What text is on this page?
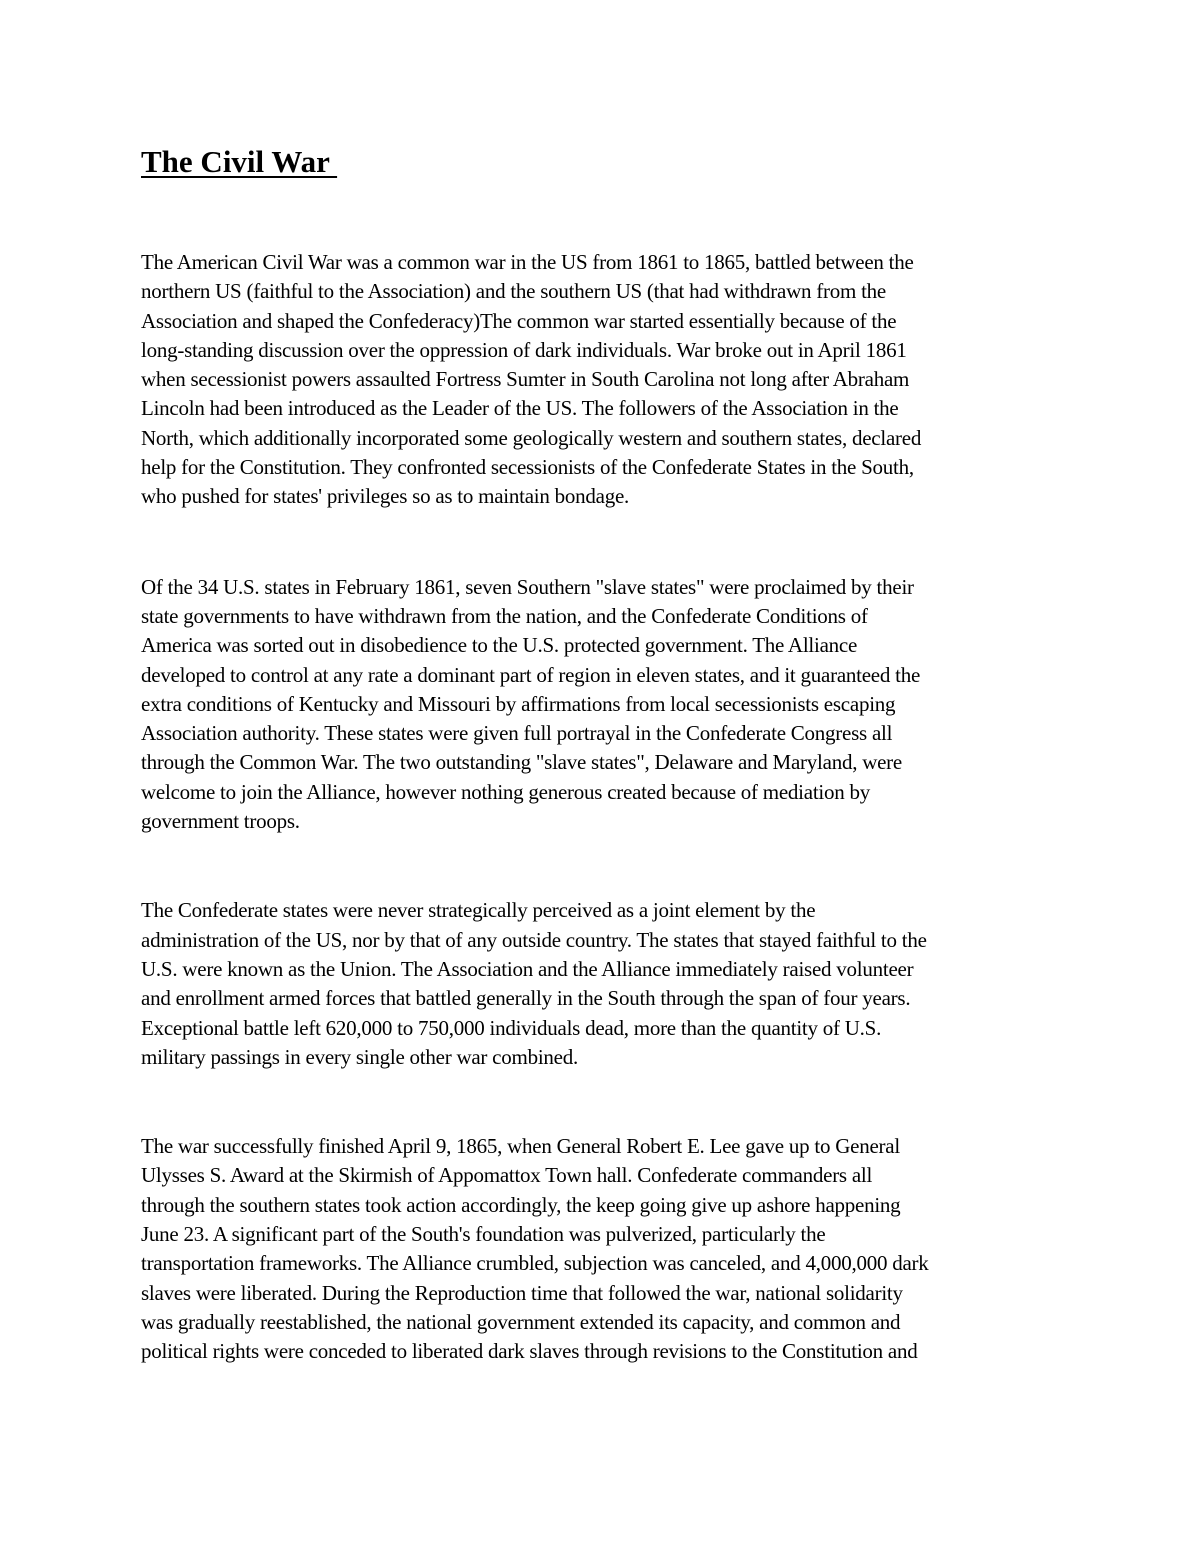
The Civil War

The American Civil War was a common war in the US from 1861 to 1865, battled between the
northern US (faithful to the Association) and the southern US (that had withdrawn from the
Association and shaped the Confederacy)The common war started essentially because of the
long-standing discussion over the oppression of dark individuals. War broke out in April 1861
when secessionist powers assaulted Fortress Sumter in South Carolina not long after Abraham
Lincoln had been introduced as the Leader of the US. The followers of the Association in the
North, which additionally incorporated some geologically western and southern states, declared
help for the Constitution. They confronted secessionists of the Confederate States in the South,
who pushed for states' privileges so as to maintain bondage.

Of the 34 U.S. states in February 1861, seven Southern "slave states" were proclaimed by their
state governments to have withdrawn from the nation, and the Confederate Conditions of
America was sorted out in disobedience to the U.S. protected government. The Alliance
developed to control at any rate a dominant part of region in eleven states, and it guaranteed the
extra conditions of Kentucky and Missouri by affirmations from local secessionists escaping
Association authority. These states were given full portrayal in the Confederate Congress all
through the Common War. The two outstanding "slave states", Delaware and Maryland, were
welcome to join the Alliance, however nothing generous created because of mediation by
government troops.

The Confederate states were never strategically perceived as a joint element by the
administration of the US, nor by that of any outside country. The states that stayed faithful to the
U.S. were known as the Union. The Association and the Alliance immediately raised volunteer
and enrollment armed forces that battled generally in the South through the span of four years.
Exceptional battle left 620,000 to 750,000 individuals dead, more than the quantity of U.S.
military passings in every single other war combined.

The war successfully finished April 9, 1865, when General Robert E. Lee gave up to General
Ulysses S. Award at the Skirmish of Appomattox Town hall. Confederate commanders all
through the southern states took action accordingly, the keep going give up ashore happening
June 23. A significant part of the South's foundation was pulverized, particularly the
transportation frameworks. The Alliance crumbled, subjection was canceled, and 4,000,000 dark
slaves were liberated. During the Reproduction time that followed the war, national solidarity
was gradually reestablished, the national government extended its capacity, and common and
political rights were conceded to liberated dark slaves through revisions to the Constitution and
